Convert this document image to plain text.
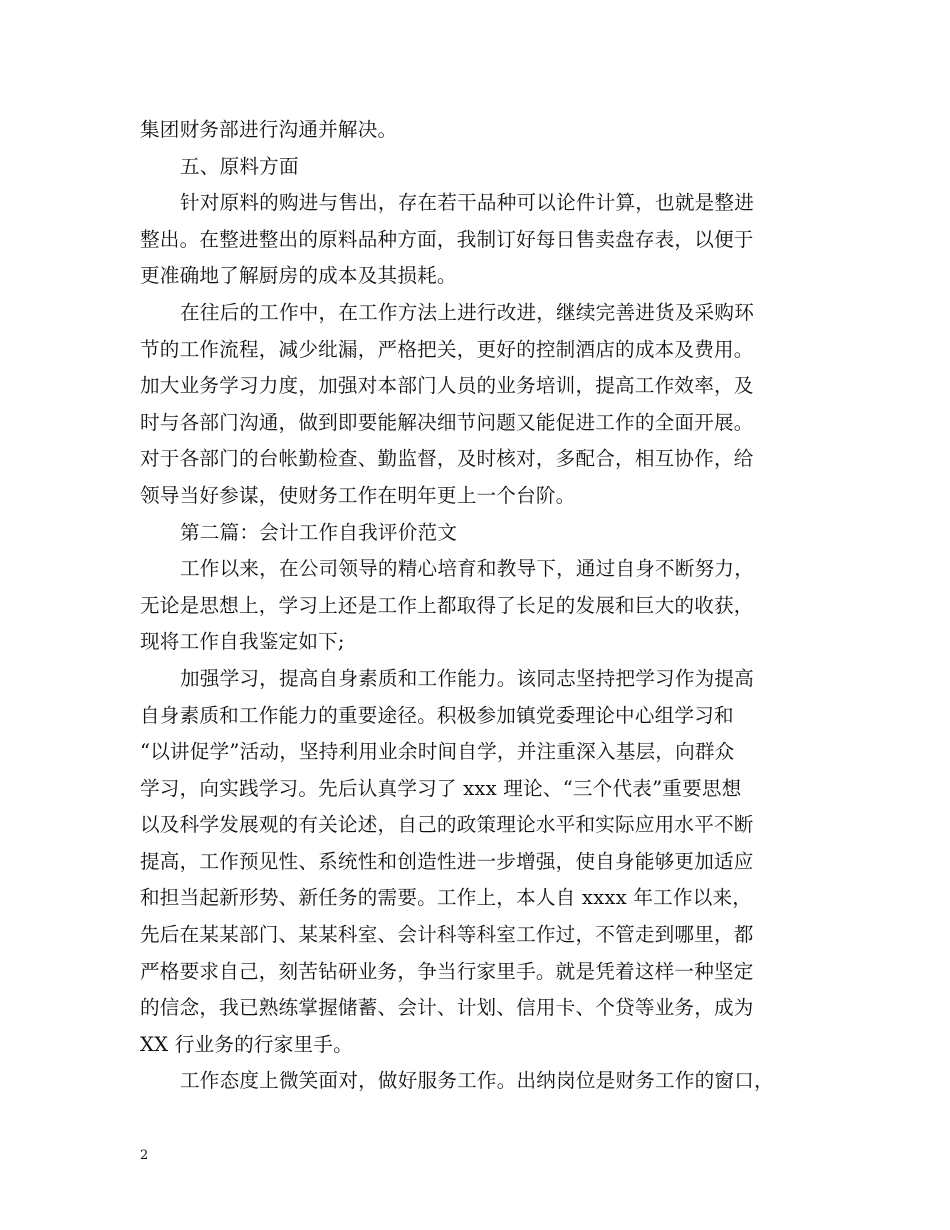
集团财务部进行沟通并解决。
五、原料方面
针对原料的购进与售出，存在若干品种可以论件计算，也就是整进
整出。在整进整出的原料品种方面，我制订好每日售卖盘存表，以便于
更准确地了解厨房的成本及其损耗。
在往后的工作中，在工作方法上进行改进，继续完善进货及采购环
节的工作流程，减少纰漏，严格把关，更好的控制酒店的成本及费用。
加大业务学习力度，加强对本部门人员的业务培训，提高工作效率，及
时与各部门沟通，做到即要能解决细节问题又能促进工作的全面开展。
对于各部门的台帐勤检查、勤监督，及时核对，多配合，相互协作，给
领导当好参谋，使财务工作在明年更上一个台阶。
第二篇：会计工作自我评价范文
工作以来，在公司领导的精心培育和教导下，通过自身不断努力，
无论是思想上，学习上还是工作上都取得了长足的发展和巨大的收获，
现将工作自我鉴定如下;
加强学习，提高自身素质和工作能力。该同志坚持把学习作为提高
自身素质和工作能力的重要途径。积极参加镇党委理论中心组学习和
“以讲促学”活动，坚持利用业余时间自学，并注重深入基层，向群众
学习，向实践学习。先后认真学习了 xxx 理论、“三个代表”重要思想
以及科学发展观的有关论述，自己的政策理论水平和实际应用水平不断
提高，工作预见性、系统性和创造性进一步增强，使自身能够更加适应
和担当起新形势、新任务的需要。工作上，本人自 xxxx 年工作以来，
先后在某某部门、某某科室、会计科等科室工作过，不管走到哪里，都
严格要求自己，刻苦钻研业务，争当行家里手。就是凭着这样一种坚定
的信念，我已熟练掌握储蓄、会计、计划、信用卡、个贷等业务，成为
XX 行业务的行家里手。
工作态度上微笑面对，做好服务工作。出纳岗位是财务工作的窗口，
2
